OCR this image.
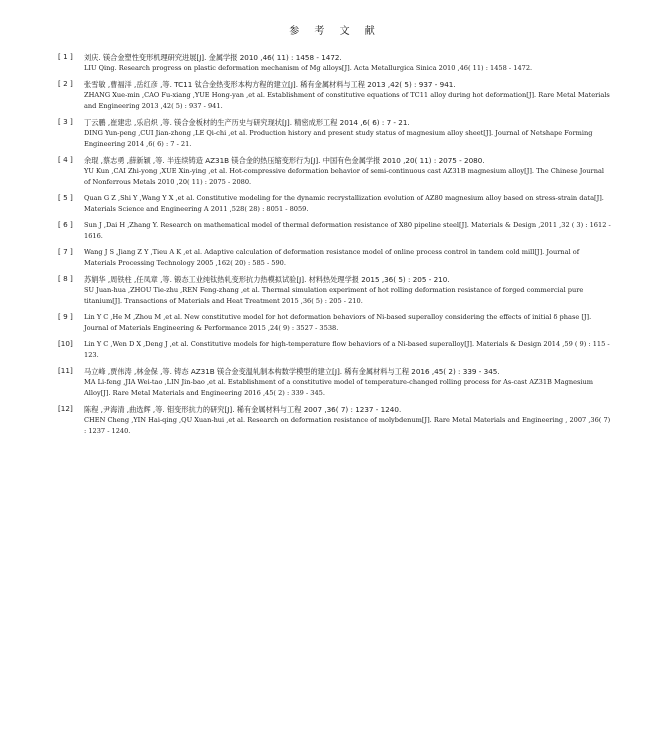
参 考 文 献
[ 1 ]	刘庆. 镁合金塑性变形机理研究进展[J]. 金属学报 2010 ,46( 11) : 1458 - 1472.
LIU Qing. Research progress on plastic deformation mechanism of Mg alloys[J]. Acta Metallurgica Sinica 2010 ,46( 11) : 1458 - 1472.
[ 2 ]	张雪敏 ,曹福洋 ,岳红彦 ,等. TC11 钛合金热变形本构方程的建立[J]. 稀有金属材料与工程 2013 ,42( 5) : 937 - 941.
ZHANG Xue-min ,CAO Fu-xiang ,YUE Hong-yan ,et al. Establishment of constitutive equations of TC11 alloy during hot deformation[J]. Rare Metal Materials and Engineering 2013 ,42( 5) : 937 - 941.
[ 3 ]	丁云鹏 ,崔建忠 ,乐启炽 ,等. 镁合金板材的生产历史与研究现状[J]. 精密成形工程 2014 ,6( 6) : 7 - 21.
DING Yun-peng ,CUI Jian-zhong ,LE Qi-chi ,et al. Production history and present study status of magnesium alloy sheet[J]. Journal of Netshape Forming Engineering 2014 ,6( 6) : 7 - 21.
[ 4 ]	余琨 ,蔡志勇 ,薛新颖 ,等. 半连续铸造 AZ31B 镁合金的热压缩变形行为[J]. 中国有色金属学报 2010 ,20( 11) : 2075 - 2080.
YU Kun ,CAI Zhi-yong ,XUE Xin-ying ,et al. Hot-compressive deformation behavior of semi-continuous cast AZ31B magnesium alloy[J]. The Chinese Journal of Nonferrous Metals 2010 ,20( 11) : 2075 - 2080.
[ 5 ]	Quan G Z ,Shi Y ,Wang Y X ,et al. Constitutive modeling for the dynamic recrystallization evolution of AZ80 magnesium alloy based on stress-strain data[J]. Materials Science and Engineering A 2011 ,528( 28) : 8051 - 8059.
[ 6 ]	Sun J ,Dai H ,Zhang Y. Research on mathematical model of thermal deformation resistance of X80 pipeline steel[J]. Materials & Design ,2011 ,32 ( 3) : 1612 - 1616.
[ 7 ]	Wang J S ,Jiang Z Y ,Tieu A K ,et al. Adaptive calculation of deformation resistance model of online process control in tandem cold mill[J]. Journal of Materials Processing Technology 2005 ,162( 20) : 585 - 590.
[ 8 ]	苏娟华 ,周铁柱 ,任凤章 ,等. 锻态工业纯钛热轧变形抗力热模拟试验[J]. 材料热处理学报 2015 ,36( 5) : 205 - 210.
SU Juan-hua ,ZHOU Tie-zhu ,REN Feng-zhang ,et al. Thermal simulation experiment of hot rolling deformation resistance of forged commercial pure titanium[J]. Transactions of Materials and Heat Treatment 2015 ,36( 5) : 205 - 210.
[ 9 ]	Lin Y C ,He M ,Zhou M ,et al. New constitutive model for hot deformation behaviors of Ni-based superalloy considering the effects of initial δ phase [J]. Journal of Materials Engineering & Performance 2015 ,24( 9) : 3527 - 3538.
[10]	Lin Y C ,Wen D X ,Deng J ,et al. Constitutive models for high-temperature flow behaviors of a Ni-based superalloy[J]. Materials & Design 2014 ,59 ( 9) : 115 - 123.
[11]	马立峰 ,贾伟涛 ,林金保 ,等. 铸态 AZ31B 镁合金变温轧制本构数学模型的建立[J]. 稀有金属材料与工程 2016 ,45( 2) : 339 - 345.
MA Li-feng ,JIA Wei-tao ,LIN Jin-bao ,et al. Establishment of a constitutive model of temperature-changed rolling process for As-cast AZ31B Magnesium Alloy[J]. Rare Metal Materials and Engineering 2016 ,45( 2) : 339 - 345.
[12]	陈程 ,尹海清 ,曲选辉 ,等. 钼变形抗力的研究[J]. 稀有金属材料与工程 2007 ,36( 7) : 1237 - 1240.
CHEN Cheng ,YIN Hai-qing ,QU Xuan-hui ,et al. Research on deformation resistance of molybdenum[J]. Rare Metal Materials and Engineering , 2007 ,36( 7) : 1237 - 1240.
